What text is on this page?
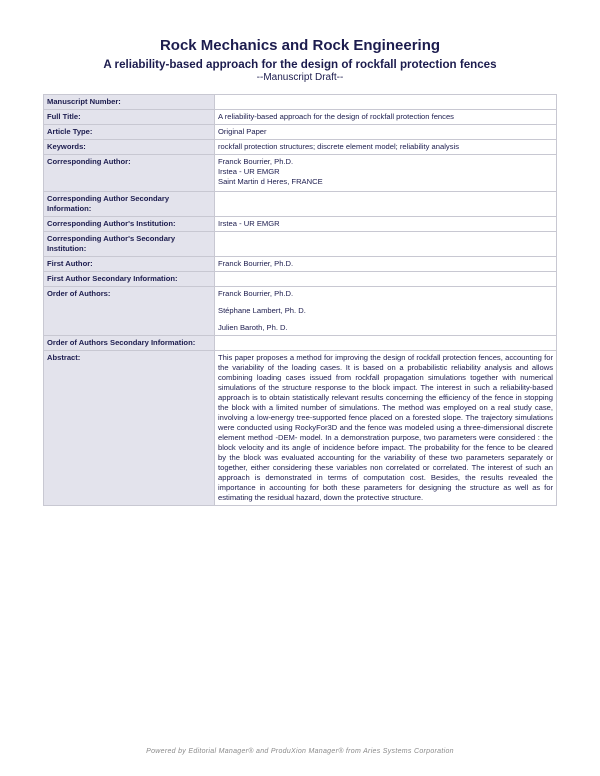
Rock Mechanics and Rock Engineering
A reliability-based approach for the design of rockfall protection fences
--Manuscript Draft--
Manuscript Number:	
Full Title:	A reliability-based approach for the design of rockfall protection fences
Article Type:	Original Paper
Keywords:	rockfall protection structures; discrete element model; reliability analysis
Corresponding Author:	Franck Bourrier, Ph.D.
Irstea - UR EMGR
Saint Martin d Heres, FRANCE

Corresponding Author Secondary Information:	
Corresponding Author's Institution:	Irstea - UR EMGR
Corresponding Author's Secondary Institution:	
First Author:	Franck Bourrier, Ph.D.
First Author Secondary Information:	
Order of Authors:	Franck Bourrier, Ph.D.
Stéphane Lambert, Ph. D.
Julien Baroth, Ph. D.

Order of Authors Secondary Information:	
Abstract:	This paper proposes a method for improving the design of rockfall protection fences, accounting for the variability of the loading cases. It is based on a probabilistic reliability analysis and allows combining loading cases issued from rockfall propagation simulations together with numerical simulations of the structure response to the block impact. The interest in such a reliability-based approach is to obtain statistically relevant results concerning the efficiency of the fence in stopping the block with a limited number of simulations. The method was employed on a real study case, involving a low-energy tree-supported fence placed on a forested slope. The trajectory simulations were conducted using RockyFor3D and the fence was modeled using a three-dimensional discrete element method -DEM- model. In a demonstration purpose, two parameters were considered : the block velocity and its angle of incidence before impact. The probability for the fence to be cleared by the block was evaluated accounting for the variability of these two parameters separately or together, either considering these variables non correlated or correlated. The interest of such an approach is demonstrated in terms of computation cost. Besides, the results revealed the importance in accounting for both these parameters for designing the structure as well as for estimating the residual hazard, down the protective structure.
Powered by Editorial Manager® and ProduXion Manager® from Aries Systems Corporation
